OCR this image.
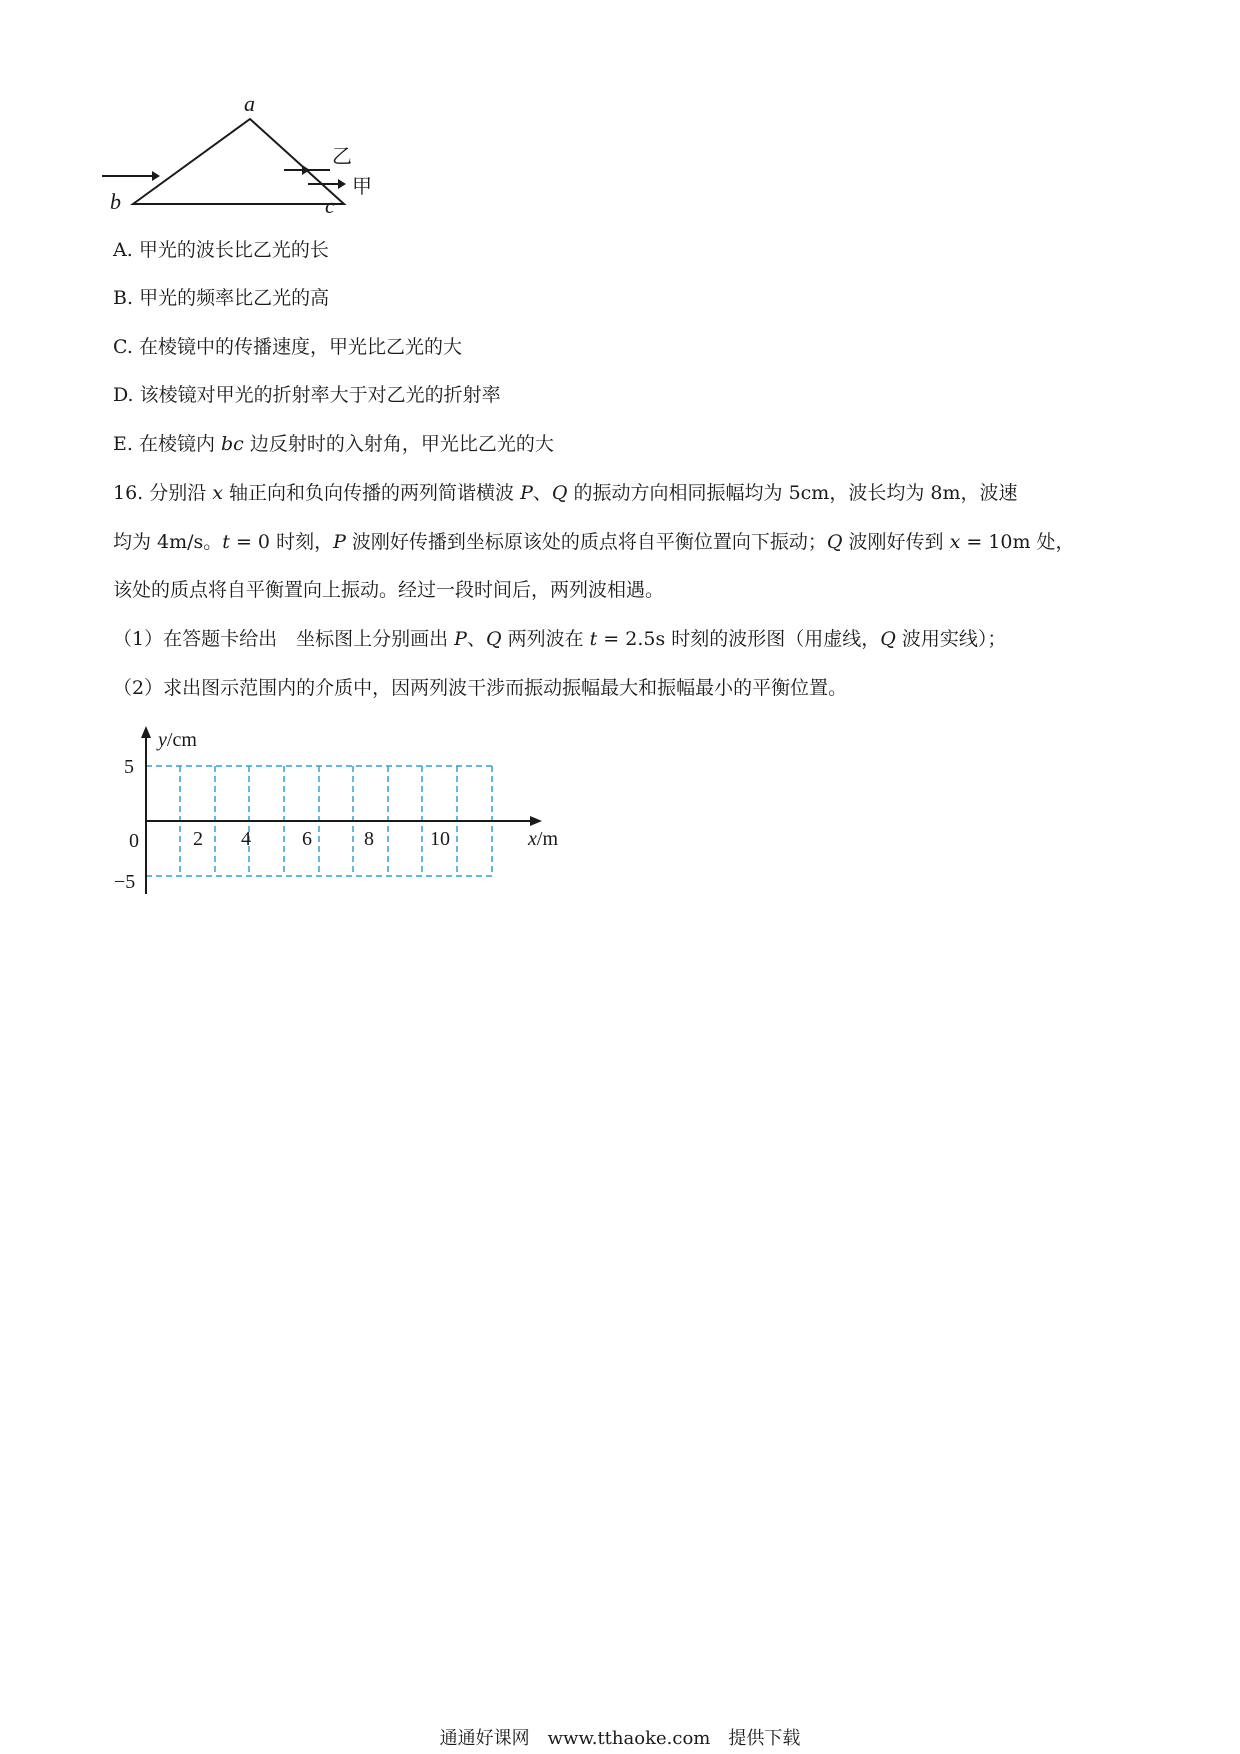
a
b	c
乙
甲
A. 甲光的波长比乙光的长
B. 甲光的频率比乙光的高
C. 在棱镜中的传播速度，甲光比乙光的大
D. 该棱镜对甲光的折射率大于对乙光的折射率
E. 在棱镜内 bc 边反射时的入射角，甲光比乙光的大
16. 分别沿 x 轴正向和负向传播的两列简谐横波 P、Q 的振动方向相同振幅均为 5cm，波长均为 8m，波速
均为 4m/s。t = 0 时刻，P 波刚好传播到坐标原该处的质点将自平衡位置向下振动；Q 波刚好传到 x = 10m 处，
该处的质点将自平衡置向上振动。经过一段时间后，两列波相遇。
（1）在答题卡给出　坐标图上分别画出 P、Q 两列波在 t = 2.5s 时刻的波形图（用虚线，Q 波用实线）；
（2）求出图示范围内的介质中，因两列波干涉而振动振幅最大和振幅最小的平衡位置。
y/cm
x/m
5
0
−5
2 4	6	8	10
通通好课网　www.tthaoke.com　提供下载
